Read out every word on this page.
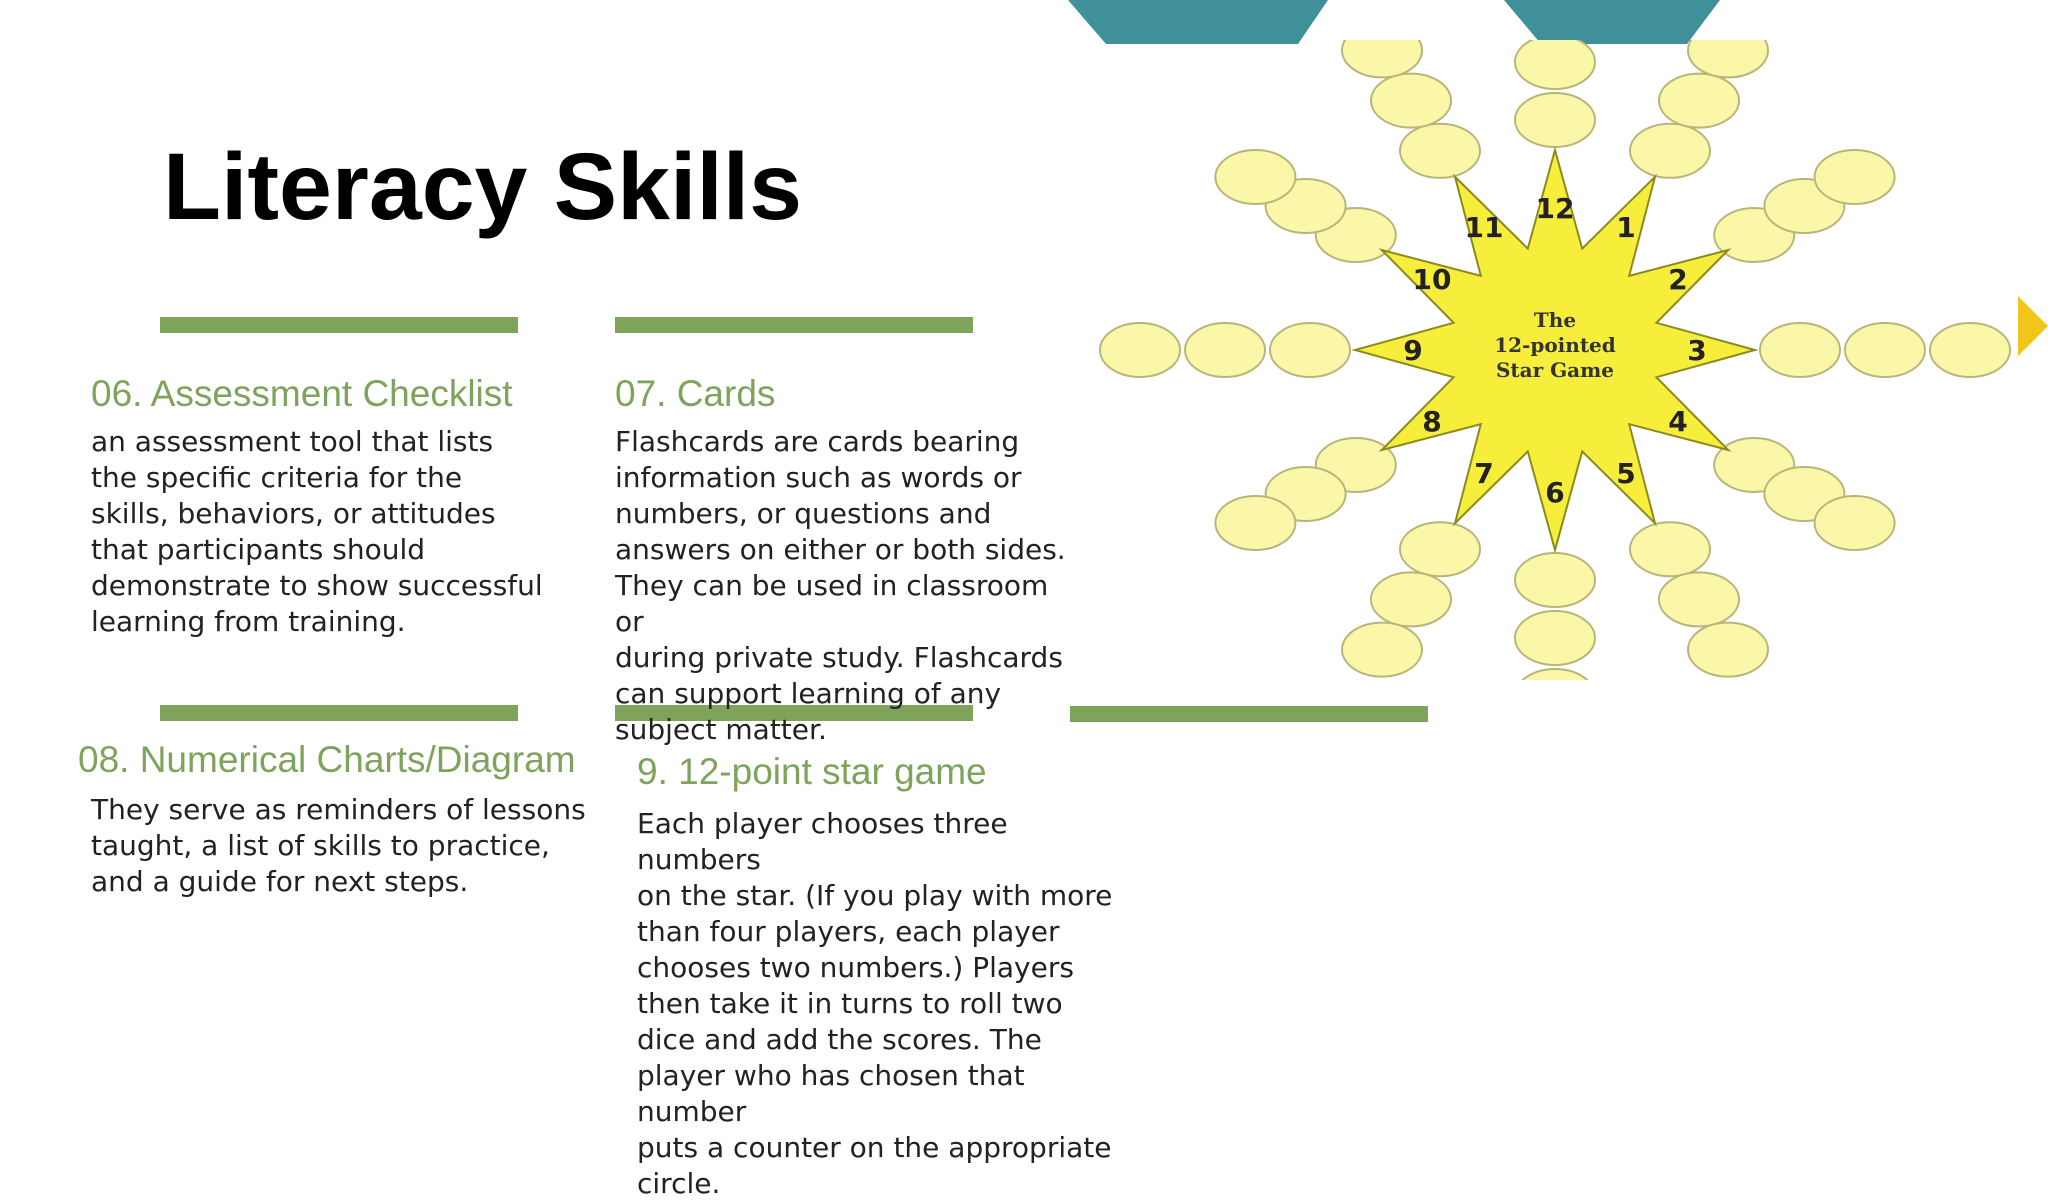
Literacy Skills
06. Assessment Checklist

an assessment tool that lists
the specific criteria for the
skills, behaviors, or attitudes
that participants should
demonstrate to show successful
learning from training.

07. Cards

Flashcards are cards bearing
information such as words or
numbers, or questions and
answers on either or both sides.
They can be used in classroom or
during private study. Flashcards
can support learning of any
subject matter.

08. Numerical Charts/Diagram

They serve as reminders of lessons
taught, a list of skills to practice,
and a guide for next steps.

9. 12-point star game

Each player chooses three numbers
on the star. (If you play with more
than four players, each player
chooses two numbers.) Players
then take it in turns to roll two
dice and add the scores. The
player who has chosen that number
puts a counter on the appropriate
circle.

1
2
3
4
5
6
7
8
9
10
11
12
The
12-pointed
Star Game
